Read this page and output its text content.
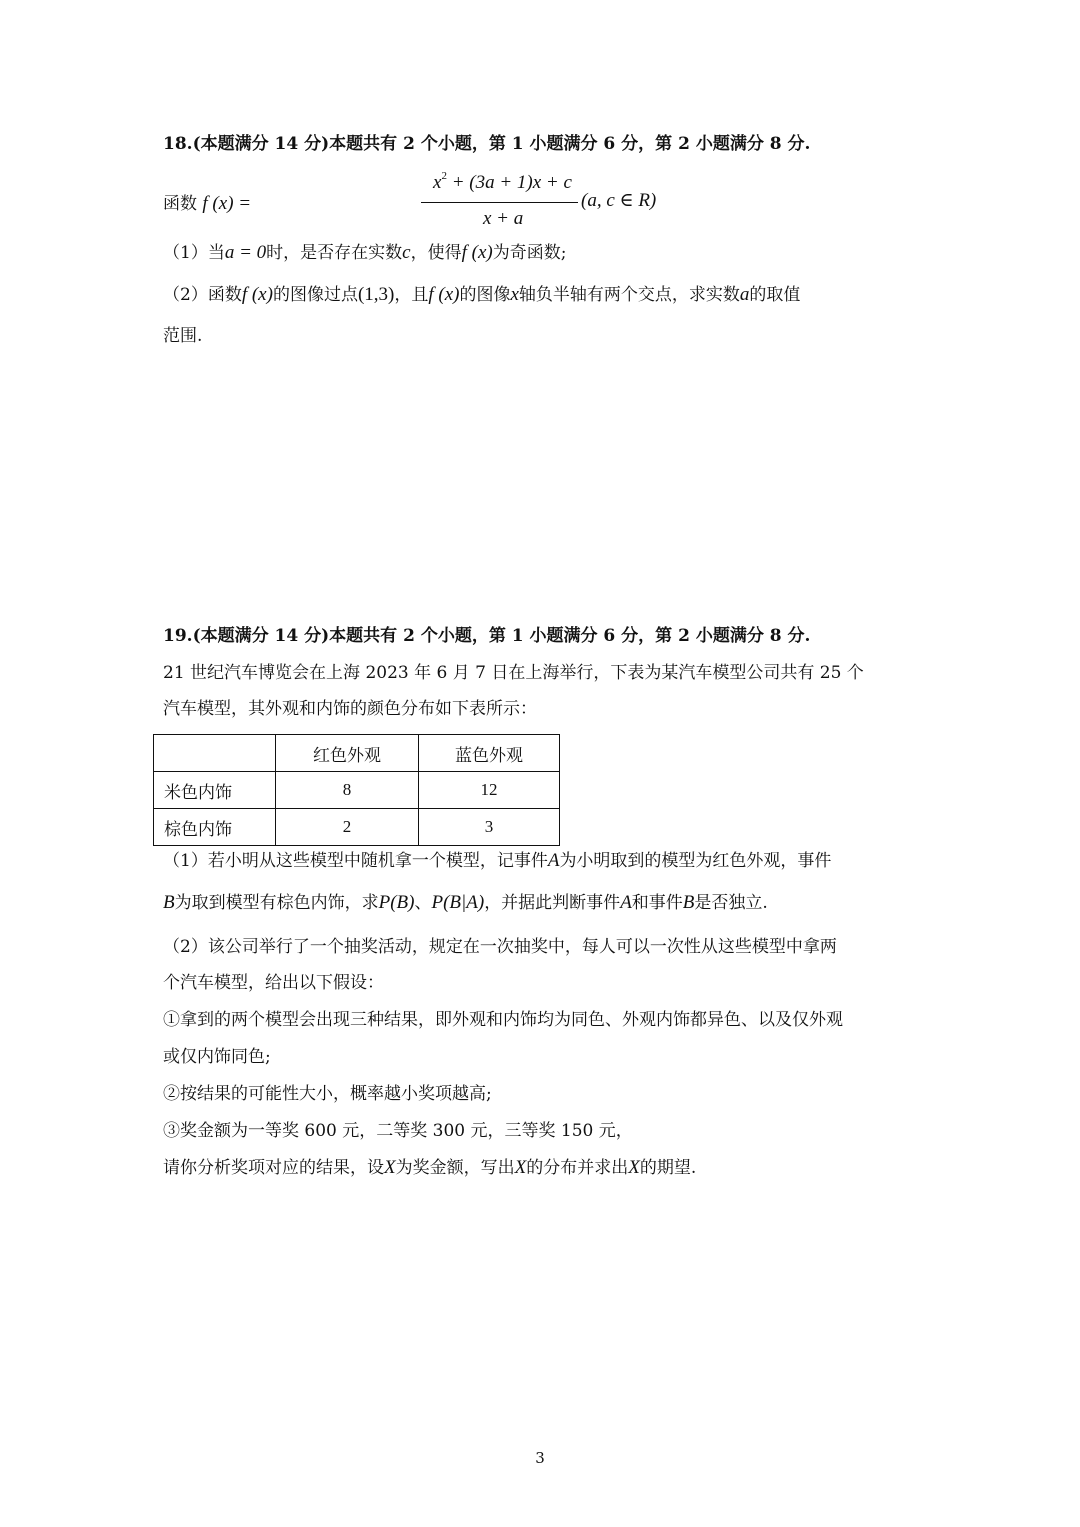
18.(本题满分 14 分)本题共有 2 个小题，第 1 小题满分 6 分，第 2 小题满分 8 分.
函数 f (x) =
$x^2 + (3a + 1)x + c$
x + a
(a, c ∈ R)
（1）当a = 0时，是否存在实数c，使得f (x)为奇函数;
（2）函数f (x)的图像过点(1,3)，且f (x)的图像x轴负半轴有两个交点，求实数a的取值
范围.
19.(本题满分 14 分)本题共有 2 个小题，第 1 小题满分 6 分，第 2 小题满分 8 分.
21 世纪汽车博览会在上海 2023 年 6 月 7 日在上海举行，下表为某汽车模型公司共有 25 个
汽车模型，其外观和内饰的颜色分布如下表所示：
	红色外观	蓝色外观
米色内饰	8	12
棕色内饰	2	3
（1）若小明从这些模型中随机拿一个模型，记事件A为小明取到的模型为红色外观，事件
B为取到模型有棕色内饰，求P(B)、P(B|A)，并据此判断事件A和事件B是否独立.
（2）该公司举行了一个抽奖活动，规定在一次抽奖中，每人可以一次性从这些模型中拿两
个汽车模型，给出以下假设：
①拿到的两个模型会出现三种结果，即外观和内饰均为同色、外观内饰都异色、以及仅外观
或仅内饰同色;
②按结果的可能性大小，概率越小奖项越高;
③奖金额为一等奖 600 元，二等奖 300 元，三等奖 150 元，
请你分析奖项对应的结果，设X为奖金额，写出X的分布并求出X的期望.
3
